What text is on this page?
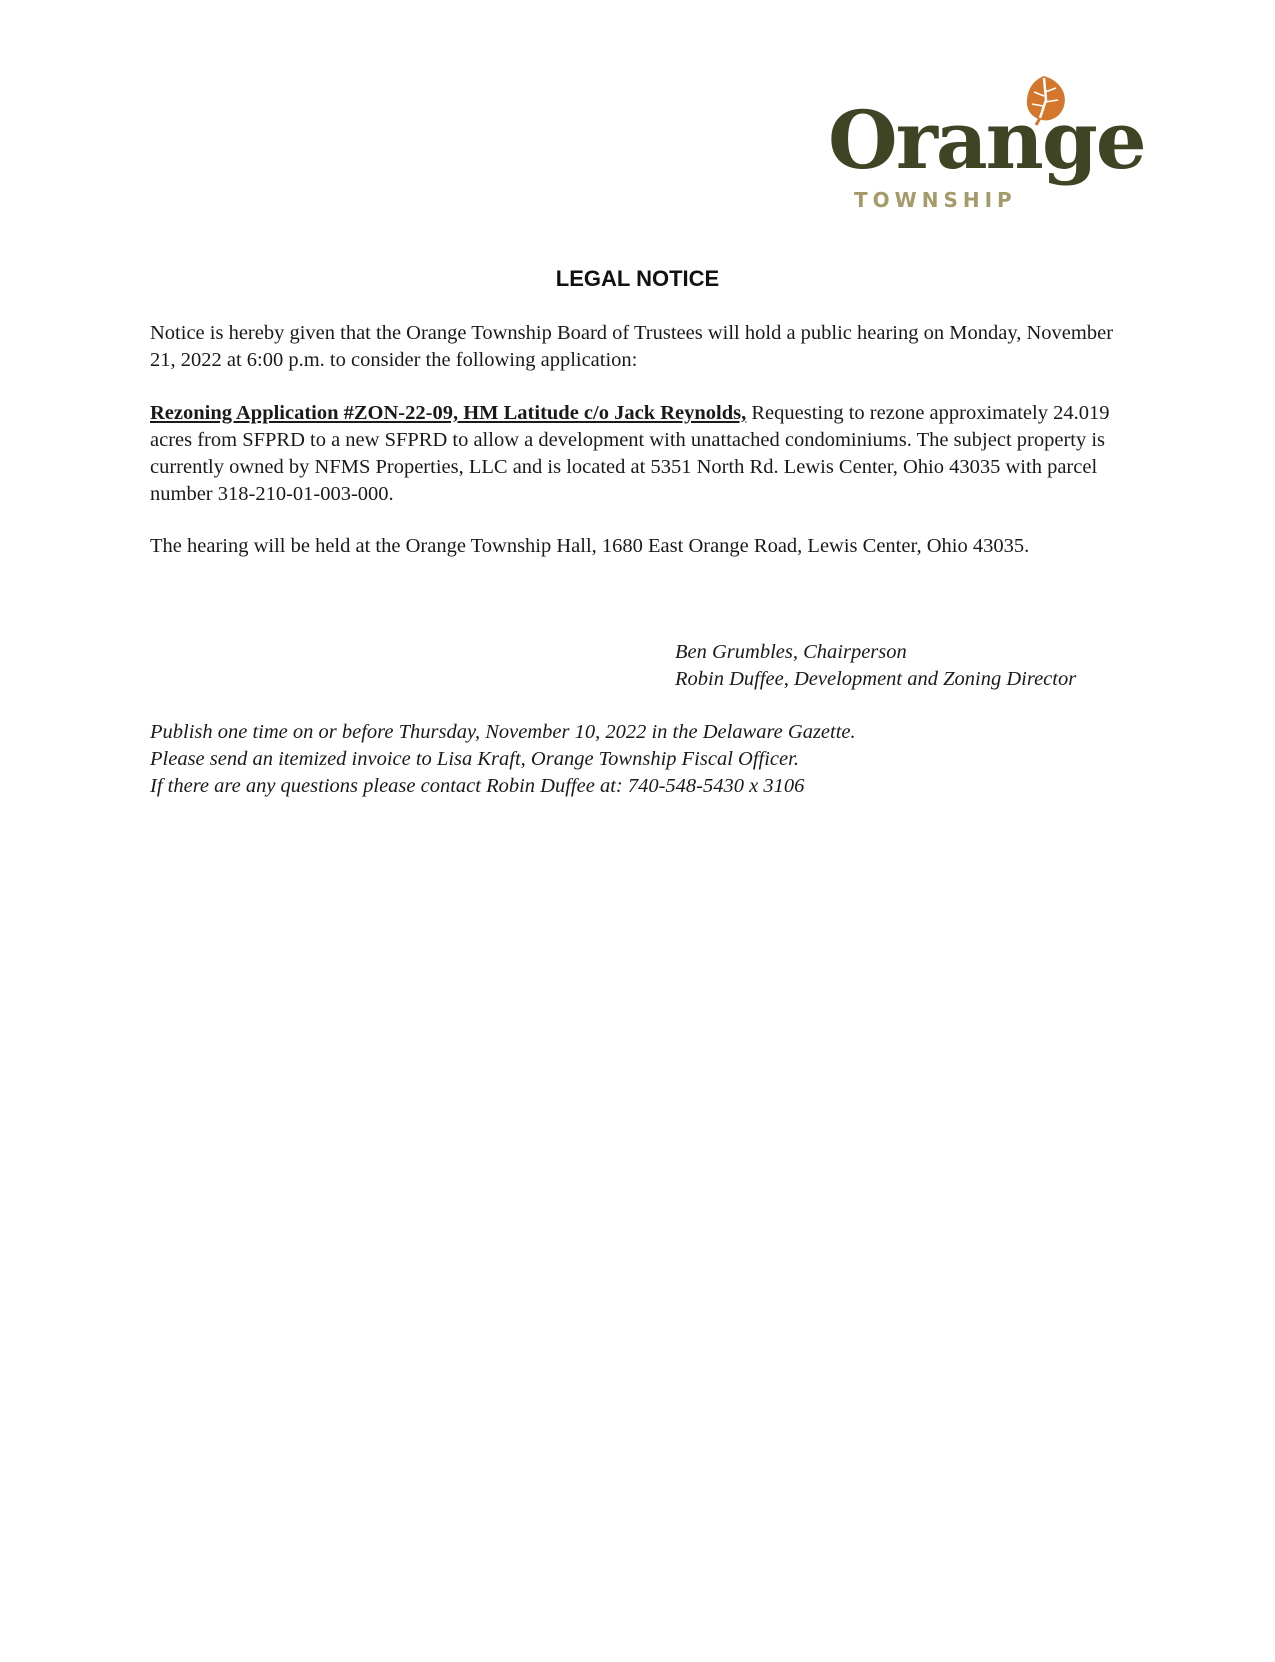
Orange
TOWNSHIP
LEGAL NOTICE

Notice is hereby given that the Orange Township Board of Trustees will hold a public hearing on Monday, November 21, 2022 at 6:00 p.m. to consider the following application:

Rezoning Application #ZON-22-09, HM Latitude c/o Jack Reynolds, Requesting to rezone approximately 24.019 acres from SFPRD to a new SFPRD to allow a development with unattached condominiums. The subject property is currently owned by NFMS Properties, LLC and is located at 5351 North Rd. Lewis Center, Ohio 43035 with parcel number 318-210-01-003-000.

The hearing will be held at the Orange Township Hall, 1680 East Orange Road, Lewis Center, Ohio 43035.

Ben Grumbles, Chairperson
Robin Duffee, Development and Zoning Director
Publish one time on or before Thursday, November 10, 2022 in the Delaware Gazette.
Please send an itemized invoice to Lisa Kraft, Orange Township Fiscal Officer.
If there are any questions please contact Robin Duffee at: 740-548-5430 x 3106
